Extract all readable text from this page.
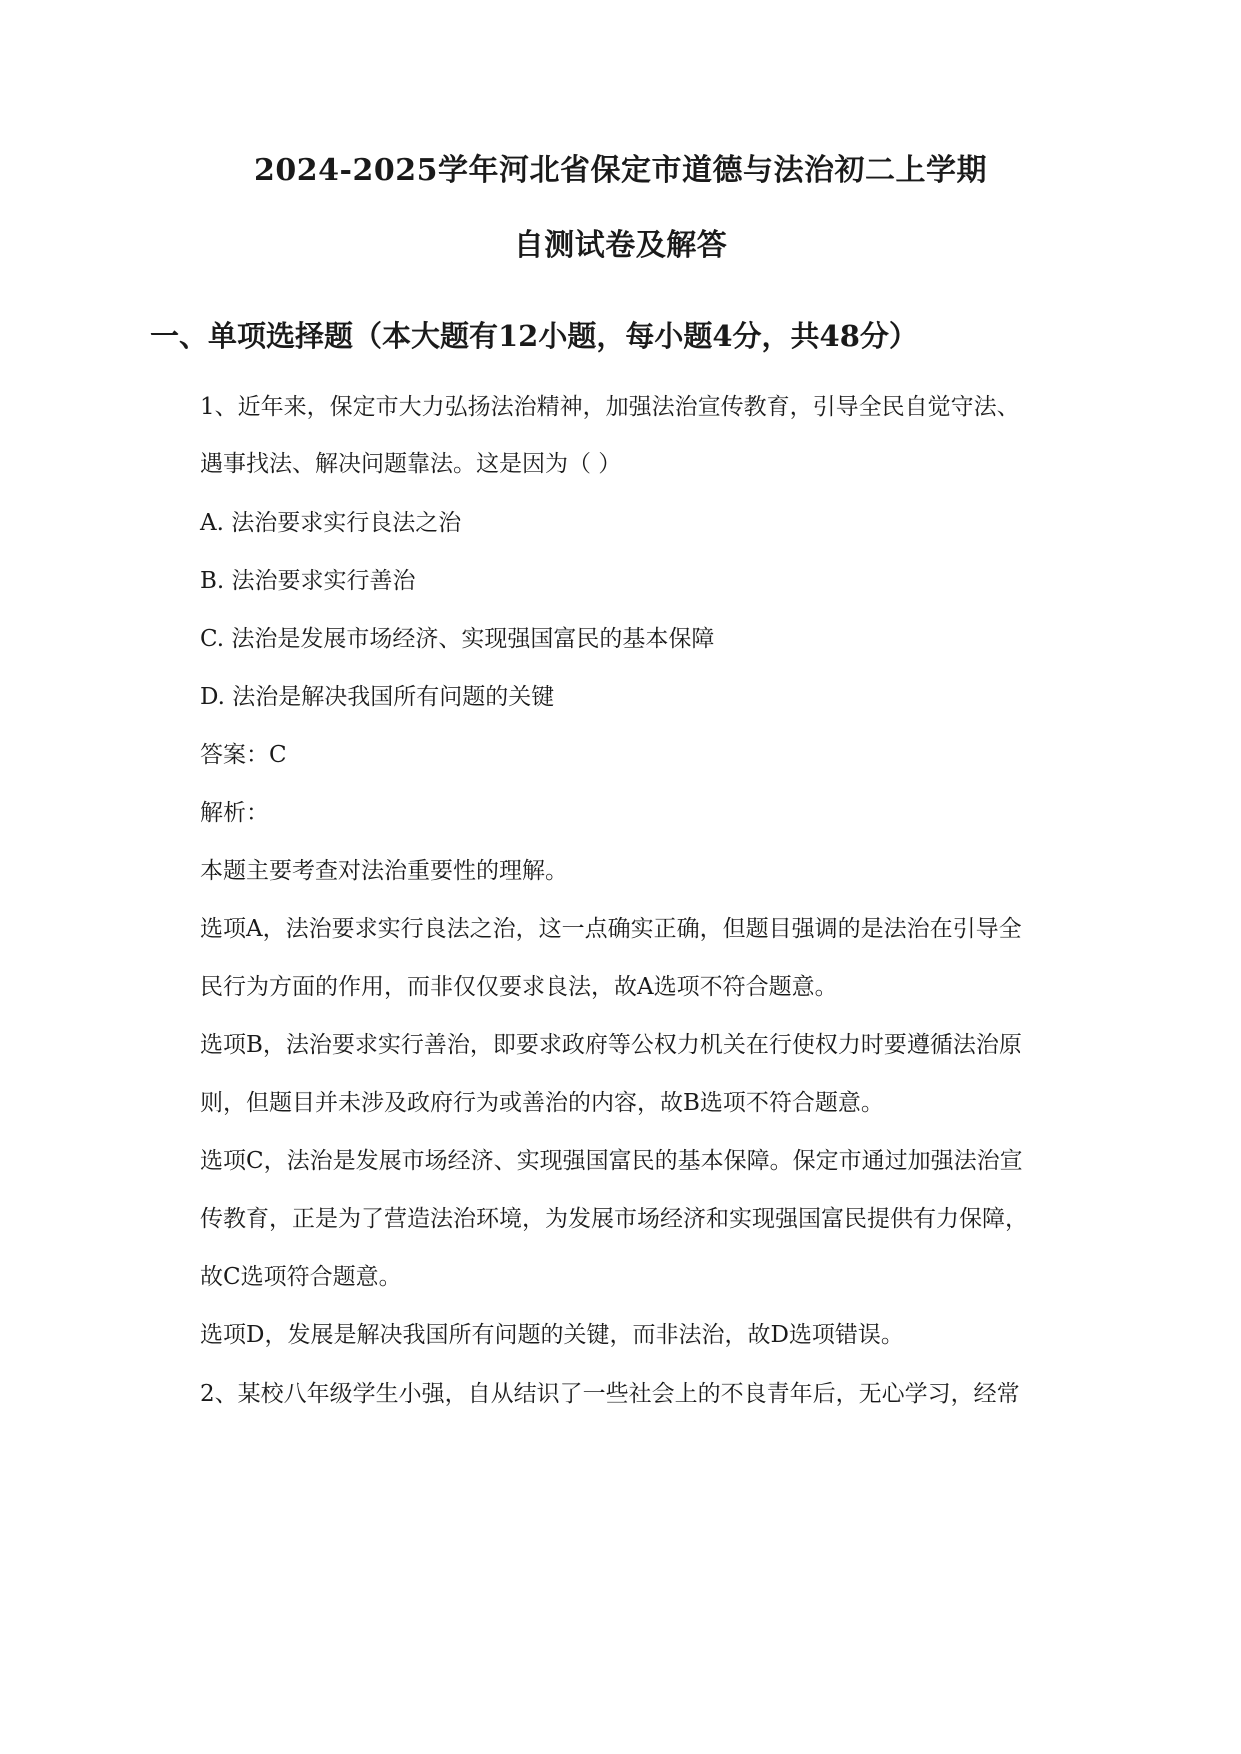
2024-2025学年河北省保定市道德与法治初二上学期
自测试卷及解答
一、单项选择题（本大题有12小题，每小题4分，共48分）
1、近年来，保定市大力弘扬法治精神，加强法治宣传教育，引导全民自觉守法、
遇事找法、解决问题靠法。这是因为（ ）
A. 法治要求实行良法之治
B. 法治要求实行善治
C. 法治是发展市场经济、实现强国富民的基本保障
D. 法治是解决我国所有问题的关键
答案：C
解析：
本题主要考查对法治重要性的理解。
选项A，法治要求实行良法之治，这一点确实正确，但题目强调的是法治在引导全
民行为方面的作用，而非仅仅要求良法，故A选项不符合题意。
选项B，法治要求实行善治，即要求政府等公权力机关在行使权力时要遵循法治原
则，但题目并未涉及政府行为或善治的内容，故B选项不符合题意。
选项C，法治是发展市场经济、实现强国富民的基本保障。保定市通过加强法治宣
传教育，正是为了营造法治环境，为发展市场经济和实现强国富民提供有力保障，
故C选项符合题意。
选项D，发展是解决我国所有问题的关键，而非法治，故D选项错误。
2、某校八年级学生小强，自从结识了一些社会上的不良青年后，无心学习，经常
